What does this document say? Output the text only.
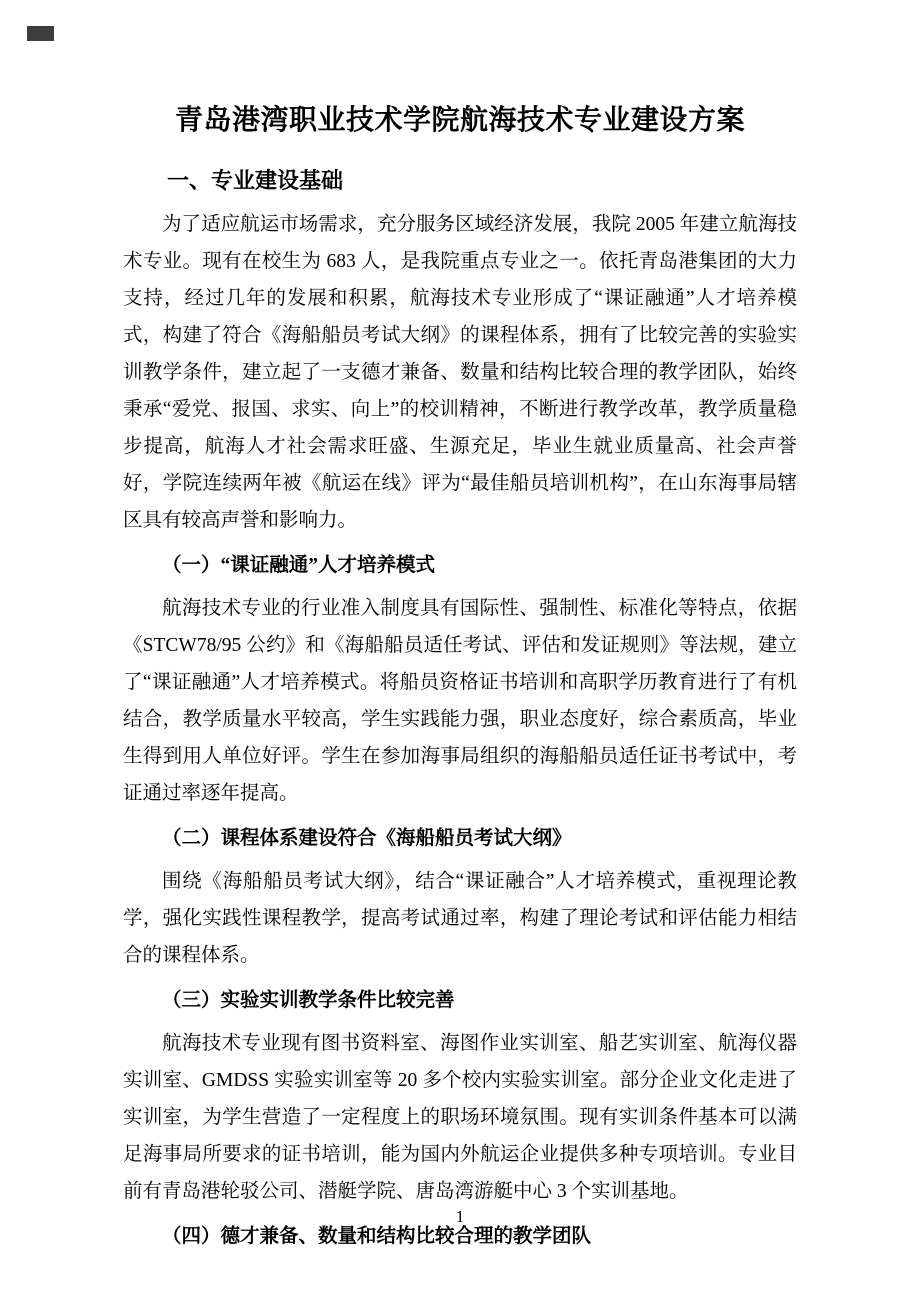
青岛港湾职业技术学院航海技术专业建设方案

一、专业建设基础

为了适应航运市场需求，充分服务区域经济发展，我院 2005 年建立航海技术专业。现有在校生为 683 人，是我院重点专业之一。依托青岛港集团的大力支持，经过几年的发展和积累，航海技术专业形成了“课证融通”人才培养模式，构建了符合《海船船员考试大纲》的课程体系，拥有了比较完善的实验实训教学条件，建立起了一支德才兼备、数量和结构比较合理的教学团队，始终秉承“爱党、报国、求实、向上”的校训精神，不断进行教学改革，教学质量稳步提高，航海人才社会需求旺盛、生源充足，毕业生就业质量高、社会声誉好，学院连续两年被《航运在线》评为“最佳船员培训机构”，在山东海事局辖区具有较高声誉和影响力。

（一）“课证融通”人才培养模式

航海技术专业的行业准入制度具有国际性、强制性、标准化等特点，依据《STCW78/95 公约》和《海船船员适任考试、评估和发证规则》等法规，建立了“课证融通”人才培养模式。将船员资格证书培训和高职学历教育进行了有机结合，教学质量水平较高，学生实践能力强，职业态度好，综合素质高，毕业生得到用人单位好评。学生在参加海事局组织的海船船员适任证书考试中，考证通过率逐年提高。

（二）课程体系建设符合《海船船员考试大纲》

围绕《海船船员考试大纲》，结合“课证融合”人才培养模式，重视理论教学，强化实践性课程教学，提高考试通过率，构建了理论考试和评估能力相结合的课程体系。

（三）实验实训教学条件比较完善

航海技术专业现有图书资料室、海图作业实训室、船艺实训室、航海仪器实训室、GMDSS 实验实训室等 20 多个校内实验实训室。部分企业文化走进了实训室，为学生营造了一定程度上的职场环境氛围。现有实训条件基本可以满足海事局所要求的证书培训，能为国内外航运企业提供多种专项培训。专业目前有青岛港轮驳公司、潜艇学院、唐岛湾游艇中心 3 个实训基地。

（四）德才兼备、数量和结构比较合理的教学团队

1
